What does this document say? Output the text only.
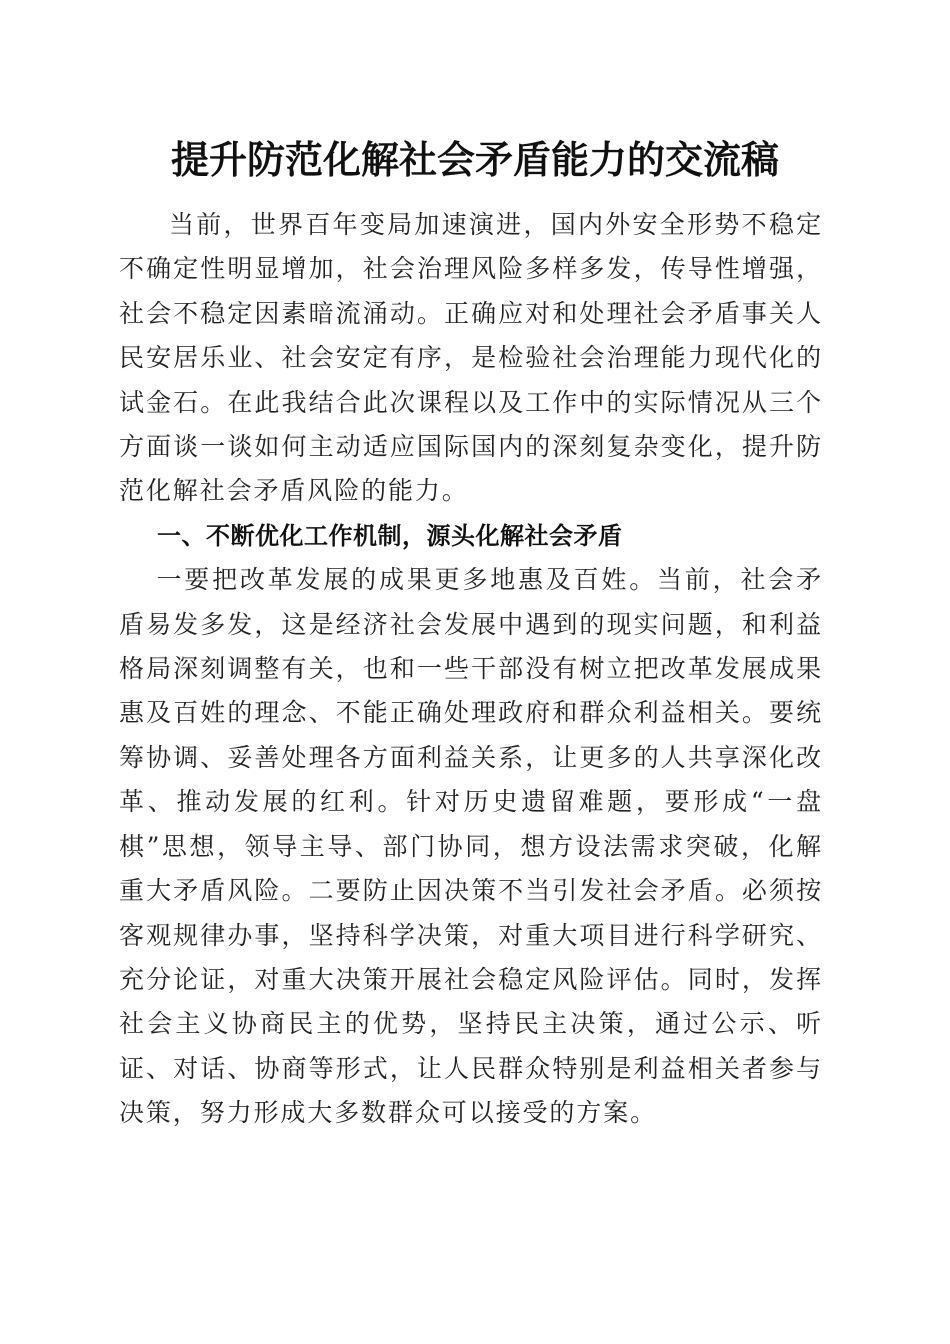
提升防范化解社会矛盾能力的交流稿

当前，世界百年变局加速演进，国内外安全形势不稳定不确定性明显增加，社会治理风险多样多发，传导性增强，社会不稳定因素暗流涌动。正确应对和处理社会矛盾事关人民安居乐业、社会安定有序，是检验社会治理能力现代化的试金石。在此我结合此次课程以及工作中的实际情况从三个方面谈一谈如何主动适应国际国内的深刻复杂变化，提升防范化解社会矛盾风险的能力。

一、不断优化工作机制，源头化解社会矛盾

一要把改革发展的成果更多地惠及百姓。当前，社会矛盾易发多发，这是经济社会发展中遇到的现实问题，和利益格局深刻调整有关，也和一些干部没有树立把改革发展成果惠及百姓的理念、不能正确处理政府和群众利益相关。要统筹协调、妥善处理各方面利益关系，让更多的人共享深化改革、推动发展的红利。针对历史遗留难题，要形成“一盘棋”思想，领导主导、部门协同，想方设法需求突破，化解重大矛盾风险。二要防止因决策不当引发社会矛盾。必须按客观规律办事，坚持科学决策，对重大项目进行科学研究、充分论证，对重大决策开展社会稳定风险评估。同时，发挥社会主义协商民主的优势，坚持民主决策，通过公示、听证、对话、协商等形式，让人民群众特别是利益相关者参与决策，努力形成大多数群众可以接受的方案。
